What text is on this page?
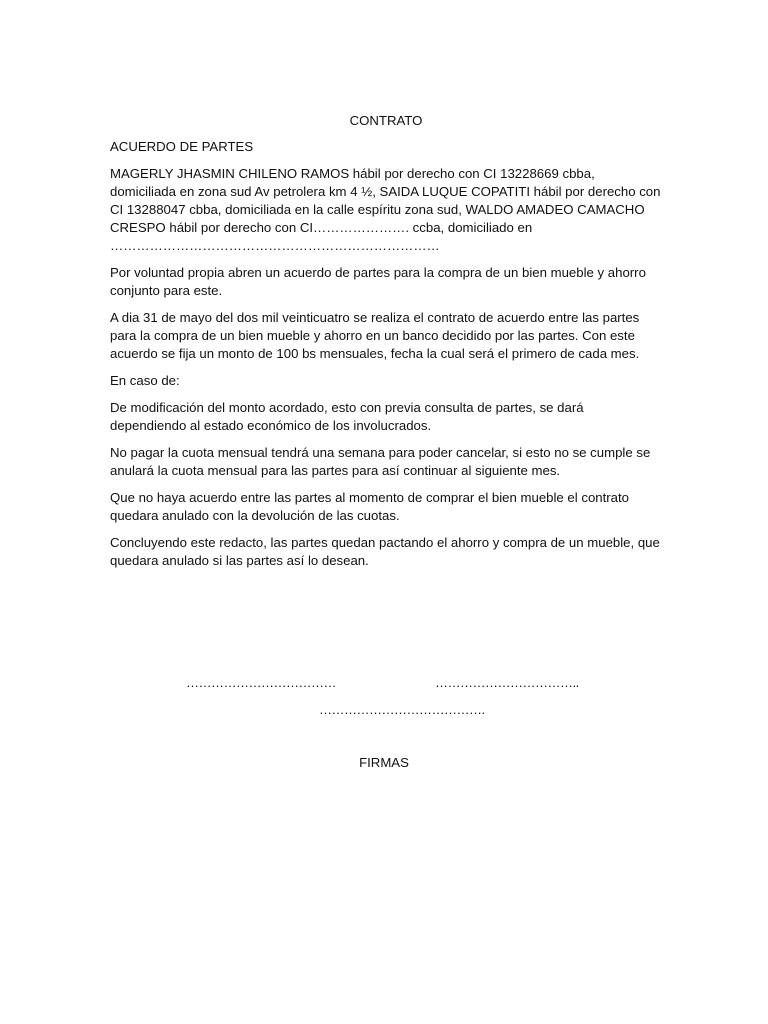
CONTRATO

ACUERDO DE PARTES

MAGERLY JHASMIN CHILENO RAMOS hábil por derecho con CI 13228669 cbba, domiciliada en zona sud Av petrolera km 4 ½, SAIDA LUQUE COPATITI hábil por derecho con CI 13288047 cbba, domiciliada en la calle espíritu zona sud, WALDO AMADEO CAMACHO CRESPO hábil por derecho con CI…………………. ccba, domiciliado en …………………………………………………………………

Por voluntad propia abren un acuerdo de partes para la compra de un bien mueble y ahorro conjunto para este.

A dia 31 de mayo del dos mil veinticuatro se realiza el contrato de acuerdo entre las partes para la compra de un bien mueble y ahorro en un banco decidido por las partes. Con este acuerdo se fija un monto de 100 bs mensuales, fecha la cual será el primero de cada mes.

En caso de:

De modificación del monto acordado, esto con previa consulta de partes, se dará dependiendo al estado económico de los involucrados.

No pagar la cuota mensual tendrá una semana para poder cancelar, si esto no se cumple se anulará la cuota mensual para las partes para así continuar al siguiente mes.

Que no haya acuerdo entre las partes al momento de comprar el bien mueble el contrato quedara anulado con la devolución de las cuotas.

Concluyendo este redacto, las partes quedan pactando el ahorro y compra de un mueble, que quedara anulado si las partes así lo desean.

………………………………	……………………………..
………………………………….
FIRMAS
